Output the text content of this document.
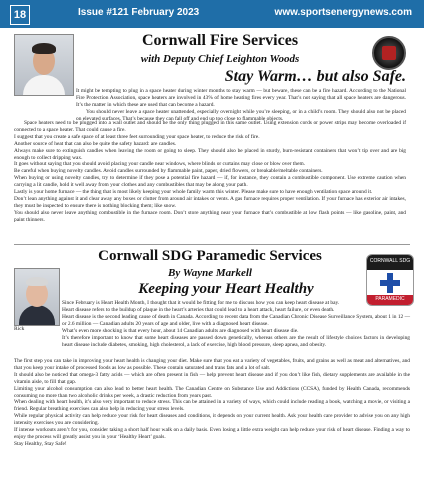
18	Issue #121 February 2023	www.sportsenergynews.com
Cornwall Fire Services
with Deputy Chief Leighton Woods
Stay Warm… but also Safe.

It might be tempting to plug in a space heater during winter months to stay warm — but beware, these can be a fire hazard. According to the National Fire Protection Association, space heaters are involved in 43% of home heating fires every year. That’s not saying that all space heaters are dangerous. It’s the matter in which these are used that can become a hazard.

You should never leave a space heater unattended, especially overnight while you’re sleeping, or in a child’s room. They should also not be placed on elevated surfaces. That’s because they can fall off and end up too close to flammable objects.

Space heaters need to be plugged into a wall outlet and should be the only thing plugged in this same outlet. Using extension cords or power strips may become overloaded if connected to a space heater. That could cause a fire.

I suggest that you create a safe space of at least three feet surrounding your space heater, to reduce the risk of fire.

Another source of heat that can also be quite the safety hazard: are candles.

Always make sure to extinguish candles when leaving the room or going to sleep. They should also be placed in sturdy, burn-resistant containers that won’t tip over and are big enough to collect dripping wax.

It goes without saying that you should avoid placing your candle near windows, where blinds or curtains may close or blow over them.

Be careful when buying novelty candles. Avoid candles surrounded by flammable paint, paper, dried flowers, or breakable/meltable containers.

When buying or using novelty candles, try to determine if they pose a potential fire hazard — if, for instance, they contain a combustible component. Use extreme caution when carrying a lit candle, hold it well away from your clothes and any combustibles that may be along your path.

Lastly is your home furnace — the thing that is most likely keeping your whole family warm this winter. Please make sure to have enough ventilation space around it.

Don’t lean anything against it and clear away any boxes or clutter from around air intakes or vents. A gas furnace requires proper ventilation. If your furnace has exterior air intakes, they must be inspected to ensure there is nothing blocking them; like snow.

You should also never leave anything combustible in the furnace room. Don’t store anything near your furnace that’s combustible at low flash points — like gasoline, paint, and paint thinners.

Cornwall SDG Paramedic Services
By Wayne Markell
Keeping your Heart Healthy
CORNWALL SDG
PARAMEDIC
Rick

Since February is Heart Health Month, I thought that it would be fitting for me to discuss how you can keep heart disease at bay.

Heart disease refers to the buildup of plaque in the heart’s arteries that could lead to a heart attack, heart failure, or even death.

Heart disease is the second leading cause of death in Canada. According to recent data from the Canadian Chronic Disease Surveillance System, about 1 in 12 — or 2.6 million — Canadian adults 20 years of age and older, live with a diagnosed heart disease.

What’s even more shocking is that every hour, about 14 Canadian adults are diagnosed with heart disease die.

It’s therefore important to know that some heart diseases are passed down genetically, whereas others are the result of lifestyle choices factors in developing heart disease include diabetes, smoking, high cholesterol, a lack of exercise, high blood pressure, sleep apnea, and obesity.

The first step you can take in improving your heart health is changing your diet. Make sure that you eat a variety of vegetables, fruits, and grains as well as meat and alternatives, and that you keep your intake of processed foods as low as possible. These contain saturated and trans fats and a lot of salt.

It should also be noticed that omega-3 fatty acids — which are often present in fish — help prevent heart disease and if you don’t like fish, dietary supplements are available in the vitamin aisle, to fill that gap.

Limiting your alcohol consumption can also lead to better heart health. The Canadian Centre on Substance Use and Addictions (CCSA), funded by Health Canada, recommends consuming no more than two alcoholic drinks per week, a drastic reduction from years past.

When dealing with heart health, it’s also very important to reduce stress. This can be attained in a variety of ways, which could include reading a book, watching a movie, or visiting a friend. Regular breathing exercises can also help in reducing your stress levels.

While regular physical activity can help reduce your risk for heart diseases and conditions, it depends on your current health. Ask your health care provider to advise you on any high intensity exercises you are considering.

If intense workouts aren’t for you, consider taking a short half hour walk on a daily basis. Even losing a little extra weight can help reduce your risk of heart disease. Finding a way to enjoy the process will greatly assist you in your ‘Healthy Heart’ goals.

Stay Healthy, Stay Safe!
